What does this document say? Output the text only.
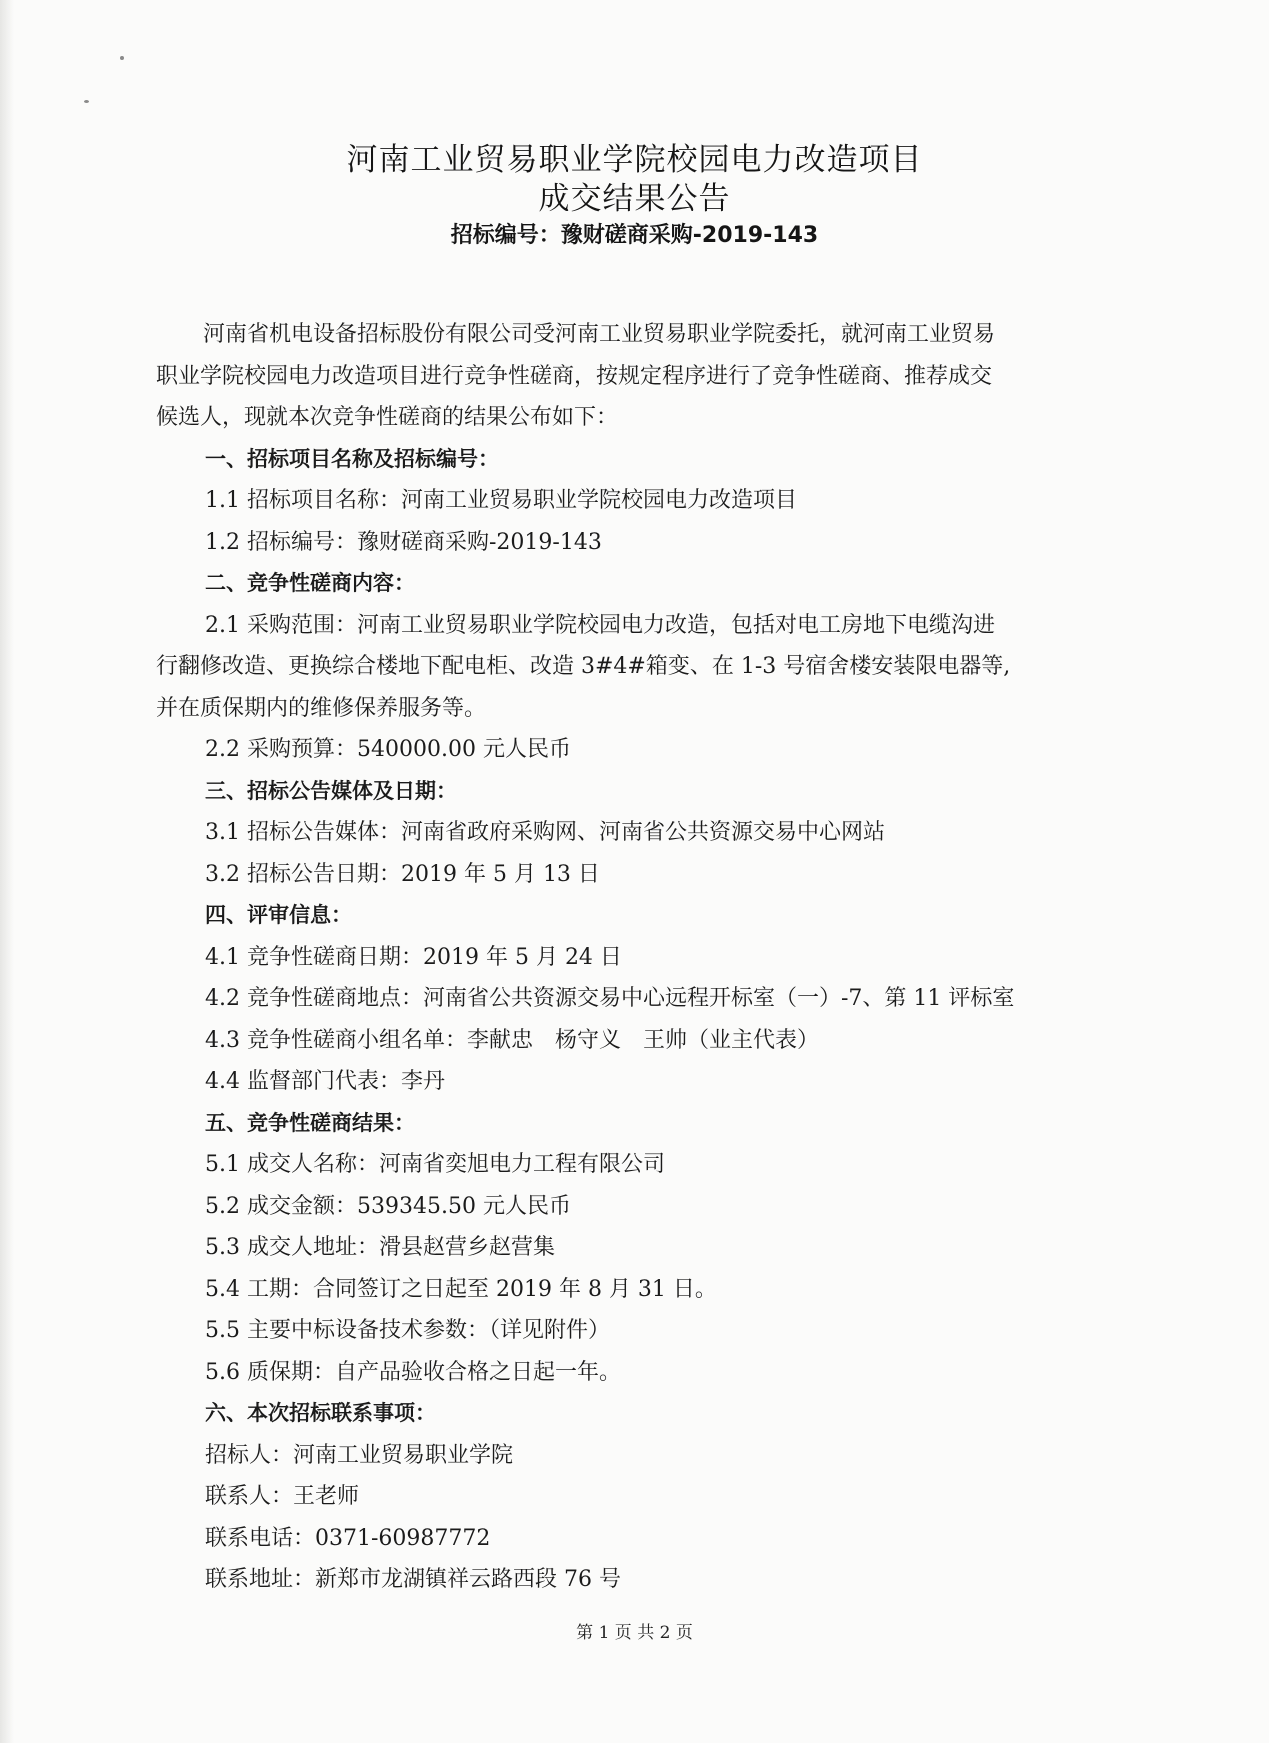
河南工业贸易职业学院校园电力改造项目
成交结果公告
招标编号：豫财磋商采购-2019-143

河南省机电设备招标股份有限公司受河南工业贸易职业学院委托，就河南工业贸易

职业学院校园电力改造项目进行竞争性磋商，按规定程序进行了竞争性磋商、推荐成交

候选人，现就本次竞争性磋商的结果公布如下：

一、招标项目名称及招标编号：

1.1 招标项目名称：河南工业贸易职业学院校园电力改造项目

1.2 招标编号：豫财磋商采购-2019-143

二、竞争性磋商内容：

2.1 采购范围：河南工业贸易职业学院校园电力改造，包括对电工房地下电缆沟进

行翻修改造、更换综合楼地下配电柜、改造 3#4#箱变、在 1-3 号宿舍楼安装限电器等,

并在质保期内的维修保养服务等。

2.2 采购预算：540000.00 元人民币

三、招标公告媒体及日期：

3.1 招标公告媒体：河南省政府采购网、河南省公共资源交易中心网站

3.2 招标公告日期：2019 年 5 月 13 日

四、评审信息：

4.1 竞争性磋商日期：2019 年 5 月 24 日

4.2 竞争性磋商地点：河南省公共资源交易中心远程开标室（一）-7、第 11 评标室

4.3 竞争性磋商小组名单：李献忠 杨守义 王帅（业主代表）

4.4 监督部门代表：李丹

五、竞争性磋商结果：

5.1 成交人名称：河南省奕旭电力工程有限公司

5.2 成交金额：539345.50 元人民币

5.3 成交人地址：滑县赵营乡赵营集

5.4 工期：合同签订之日起至 2019 年 8 月 31 日。

5.5 主要中标设备技术参数：（详见附件）

5.6 质保期：自产品验收合格之日起一年。

六、本次招标联系事项：

招标人：河南工业贸易职业学院

联系人：王老师

联系电话：0371-60987772

联系地址：新郑市龙湖镇祥云路西段 76 号

第 1 页 共 2 页
